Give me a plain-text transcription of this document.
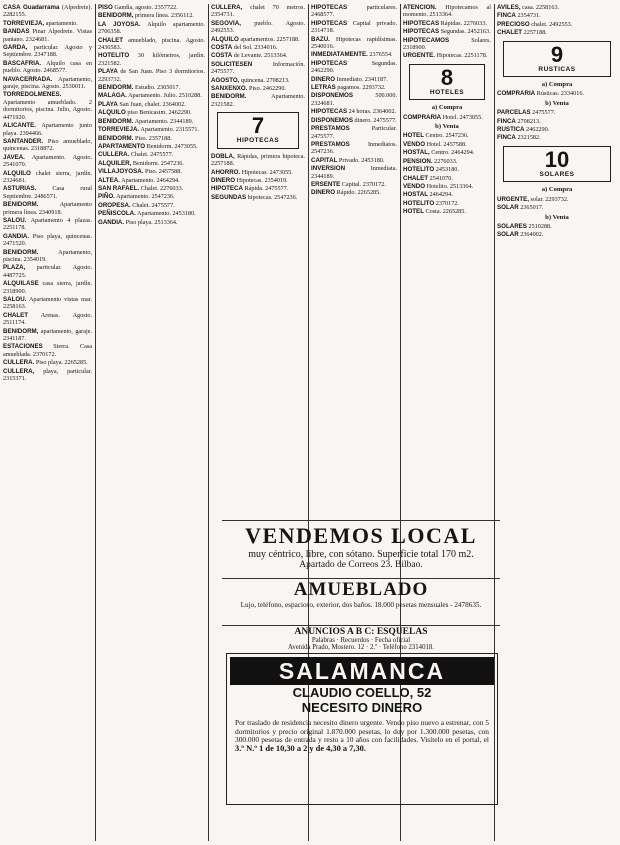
CASA Guadarrama (Alpedrete). 2282155.

TORREVIEJA, apartamento.

BANDAS Pinar Alpedrete. Vistas pantano. 2324681.

GARDA, particular. Agosto y Septiembre. 2347188.

BASCAFRIA. Alquilo casa en pueblo. Agosto. 2468577.

NAVACERRADA. Apartamento, garaje, piscina. Agosto. 2530011.

TORREDOLMENES. Apartamento amueblado. 2 dormitorios, piscina. Julio, Agosto. 4471920.

ALICANTE. Apartamento junto playa. 2394466.

SANTANDER. Piso amueblado, quincenas. 2318872.

JAVEA. Apartamento. Agosto. 2541070.

ALQUILO chalet sierra, jardín. 2324681.

ASTURIAS. Casa rural Septiembre. 2486571.

BENIDORM. Apartamento primera línea. 2340918.

SALOU. Apartamento 4 plazas. 2251178.

GANDIA. Piso playa, quincenas. 2471520.

BENIDORM. Apartamento, piscina. 2354019.

PLAZA, particular. Agosto. 4487725.

ALQUILASE casa sierra, jardín. 2318900.

SALOU. Apartamento vistas mar. 2258163.

CHALET Arenas. Agosto. 2511174.

BENIDORM, apartamento, garaje. 2341187.

ESTACIONES Sierra. Casa amueblada. 2370172.

CULLERA. Piso playa. 2265285.

CULLERA, playa, particular. 2315371.

PISO Gandía, agosto. 2357722.

BENIDORM, primera línea. 2356112.

LA JOYOSA. Alquilo apartamento. 2706358.

CHALET amueblado, piscina. Agosto. 2436583.

HOTELITO 30 kilómetros, jardín. 2321582.

PLAYA de San Juan. Piso 3 dormitorios. 2293732.

BENIDORM. Estudio. 2365017.

MALAGA. Apartamento. Julio. 2510288.

PLAYA San Juan, chalet. 2364002.

ALQUILO piso Benicasim. 2462290.

BENIDORM. Apartamento. 2344189.

TORREVIEJA. Apartamento. 2315571.

BENIDORM. Piso. 2357188.

APARTAMENTO Benidorm. 2473055.

CULLERA. Chalet. 2475577.

ALQUILER, Benidorm. 2547236.

VILLAJOYOSA. Piso. 2457588.

ALTEA. Apartamento. 2464294.

SAN RAFAEL. Chalet. 2276033.

PIÑO. Apartamento. 2547236.

OROPESA. Chalet. 2475577.

PEÑISCOLA. Apartamento. 2453180.

GANDIA. Piso playa. 2513364.

CULLERA, chalet 70 metros. 2354731.

SEGOVIA, pueblo. Agosto. 2492553.

ALQUILO apartamentos. 2257188.

COSTA del Sol. 2334016.

COSTA de Levante. 2513364.

SOLICITESEN Información. 2475577.

AGOSTO, quincena. 2708213.

SANXENXO. Piso. 2462290.

BENIDORM. Apartamento. 2321582.

7
HIPOTECAS

DOBLA, Rápidas, primera hipoteca. 2257188.

AHORRO. Hipotecas. 2473055.

DINERO Hipotecas. 2354019.

HIPOTECA Rápida. 2475577.

SEGUNDAS hipotecas. 2547236.

HIPOTECAS particulares. 2468577.

HIPOTECAS Capital privado. 2314718.

BAZU. Hipotecas rapidísimas. 2540016.

INMEDIATAMENTE. 2376554.

HIPOTECAS Segundas. 2462290.

DINERO Inmediato. 2341187.

LETRAS pagamos. 2293732.

DISPONEMOS 500.000. 2324681.

HIPOTECAS 24 horas. 2364002.

DISPONEMOS dinero. 2475577.

PRESTAMOS Particular. 2475577.

PRESTAMOS Inmediatos. 2547236.

CAPITAL Privado. 2453180.

INVERSION Inmediata. 2344189.

ERSENTE Capital. 2370172.

DINERO Rápido. 2265285.

ATENCION. Hipotecamos al momento. 2513364.

HIPOTECAS Rápidas. 2276033.

HIPOTECAS Segundas. 2452163.

HIPOTECAMOS Solares. 2318900.

URGENTE. Hipotecas. 2251178.

8
HOTELES
a) Compra

COMPRARIA Hotel. 2473055.

b) Venta

HOTEL Centro. 2547236.

VENDO Hotel. 2457588.

HOSTAL, Centro. 2464294.

PENSION. 2276033.

HOTELITO 2453180.

CHALET 2541070.

VENDO Hotelito. 2513364.

HOSTAL 2464294.

HOTELITO 2370172.

HOTEL Costa. 2265285.

AVILES, casa. 2258163.

FINCA 2354731.

PRECIOSO chalet. 2492553.

CHALET 2257188.

9
RUSTICAS
a) Compra

COMPRARIA Rústicas. 2334016.

b) Venta

PARCELAS 2475577.

FINCA 2708213.

RUSTICA 2462290.

FINCA 2321582.

10
SOLARES
a) Compra

URGENTE, solar. 2293732.

SOLAR 2365017.

b) Venta

SOLARES 2510288.

SOLAR 2364002.

VENDEMOS LOCAL
muy céntrico, libre, con sótano. Superficie total 170 m2.
Apartado de Correos 23. Bilbao.
AMUEBLADO
Lujo, teléfono, espacioso, exterior, dos baños. 18.000 pesetas mensuales - 2478635.
ANUNCIOS A B C: ESQUELAS
Palabras · Recuerdos · Fecha oficial
Avenida Prado, Mostero. 12 · 2.º · Teléfono 2314018.
SALAMANCA
CLAUDIO COELLO, 52
NECESITO DINERO
Por traslado de residencia necesito dinero urgente. Vendo piso nuevo a estrenar, con 5 dormitorios y precio original 1.870.000 pesetas, lo doy por 1.300.000 pesetas, con 300.000 pesetas de entrada y resto a 10 años con facilidades. Visítelo en el portal, el 3.º N.º 1 de 10,30 a 2 y de 4,30 a 7,30.
